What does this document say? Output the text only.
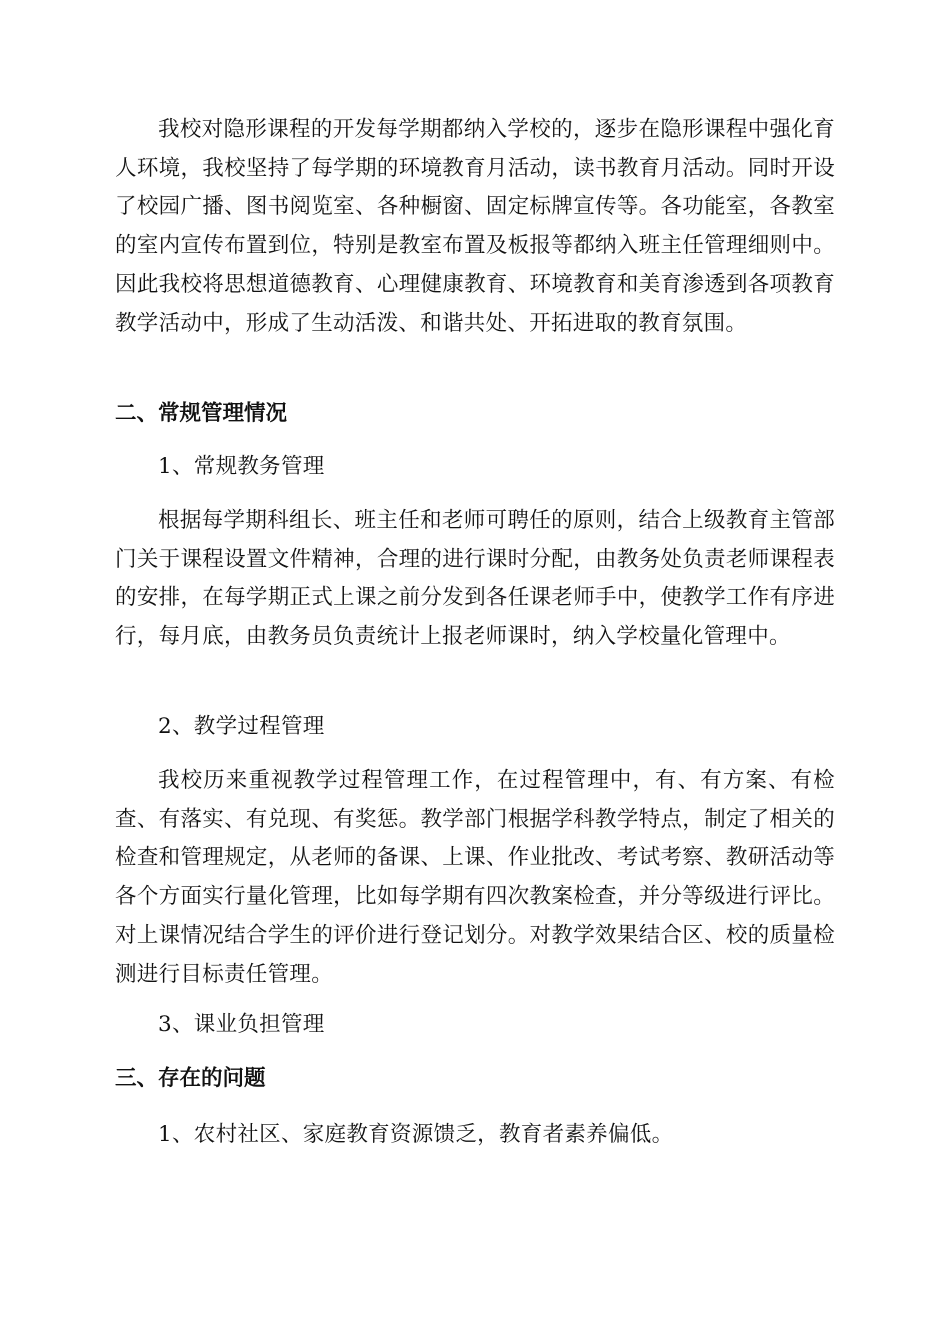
我校对隐形课程的开发每学期都纳入学校的，逐步在隐形课程中强化育人环境，我校坚持了每学期的环境教育月活动，读书教育月活动。同时开设了校园广播、图书阅览室、各种橱窗、固定标牌宣传等。各功能室，各教室的室内宣传布置到位，特别是教室布置及板报等都纳入班主任管理细则中。因此我校将思想道德教育、心理健康教育、环境教育和美育渗透到各项教育教学活动中，形成了生动活泼、和谐共处、开拓进取的教育氛围。

二、常规管理情况

1、常规教务管理

根据每学期科组长、班主任和老师可聘任的原则，结合上级教育主管部门关于课程设置文件精神，合理的进行课时分配，由教务处负责老师课程表的安排，在每学期正式上课之前分发到各任课老师手中，使教学工作有序进行，每月底，由教务员负责统计上报老师课时，纳入学校量化管理中。

2、教学过程管理

我校历来重视教学过程管理工作，在过程管理中，有、有方案、有检查、有落实、有兑现、有奖惩。教学部门根据学科教学特点，制定了相关的检查和管理规定，从老师的备课、上课、作业批改、考试考察、教研活动等各个方面实行量化管理，比如每学期有四次教案检查，并分等级进行评比。对上课情况结合学生的评价进行登记划分。对教学效果结合区、校的质量检测进行目标责任管理。

3、课业负担管理

三、存在的问题

1、农村社区、家庭教育资源馈乏，教育者素养偏低。
